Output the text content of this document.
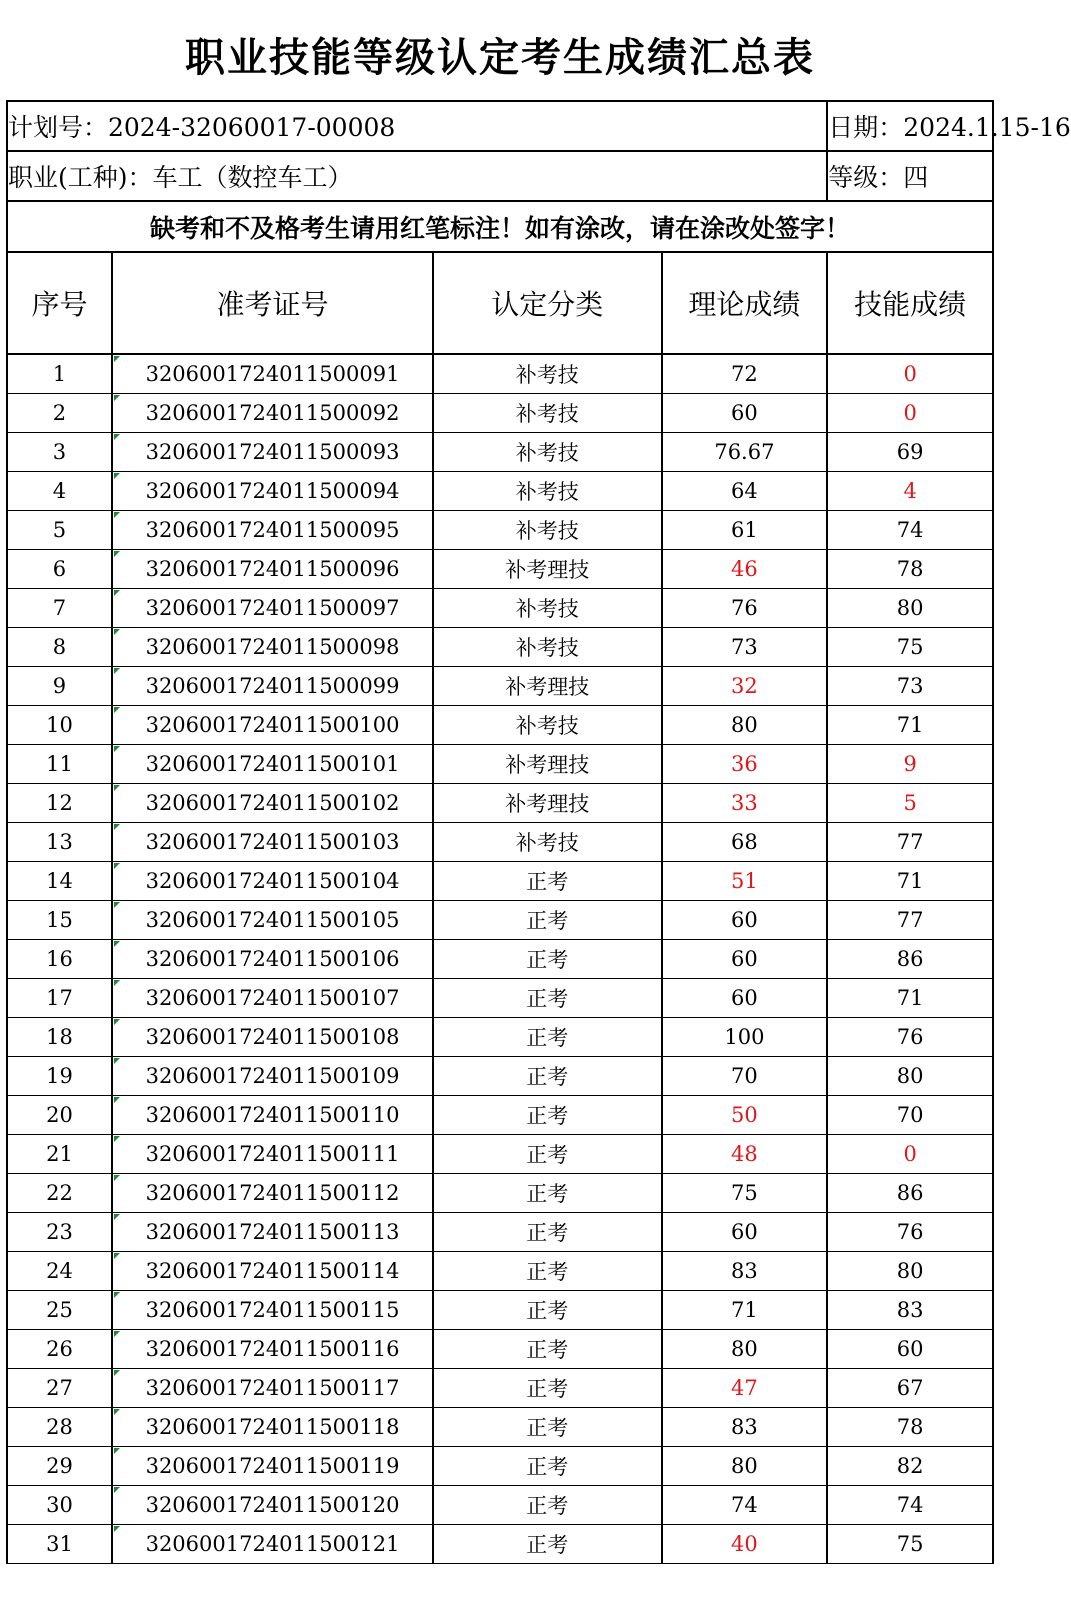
职业技能等级认定考生成绩汇总表
计划号：2024-32060017-00008				日期：2024.1.15-16
职业(工种)：车工（数控车工）				等级：四
缺考和不及格考生请用红笔标注！如有涂改，请在涂改处签字！				
序号	准考证号	认定分类	理论成绩	技能成绩
1	3206001724011500091	补考技	72	0
2	3206001724011500092	补考技	60	0
3	3206001724011500093	补考技	76.67	69
4	3206001724011500094	补考技	64	4
5	3206001724011500095	补考技	61	74
6	3206001724011500096	补考理技	46	78
7	3206001724011500097	补考技	76	80
8	3206001724011500098	补考技	73	75
9	3206001724011500099	补考理技	32	73
10	3206001724011500100	补考技	80	71
11	3206001724011500101	补考理技	36	9
12	3206001724011500102	补考理技	33	5
13	3206001724011500103	补考技	68	77
14	3206001724011500104	正考	51	71
15	3206001724011500105	正考	60	77
16	3206001724011500106	正考	60	86
17	3206001724011500107	正考	60	71
18	3206001724011500108	正考	100	76
19	3206001724011500109	正考	70	80
20	3206001724011500110	正考	50	70
21	3206001724011500111	正考	48	0
22	3206001724011500112	正考	75	86
23	3206001724011500113	正考	60	76
24	3206001724011500114	正考	83	80
25	3206001724011500115	正考	71	83
26	3206001724011500116	正考	80	60
27	3206001724011500117	正考	47	67
28	3206001724011500118	正考	83	78
29	3206001724011500119	正考	80	82
30	3206001724011500120	正考	74	74
31	3206001724011500121	正考	40	75
